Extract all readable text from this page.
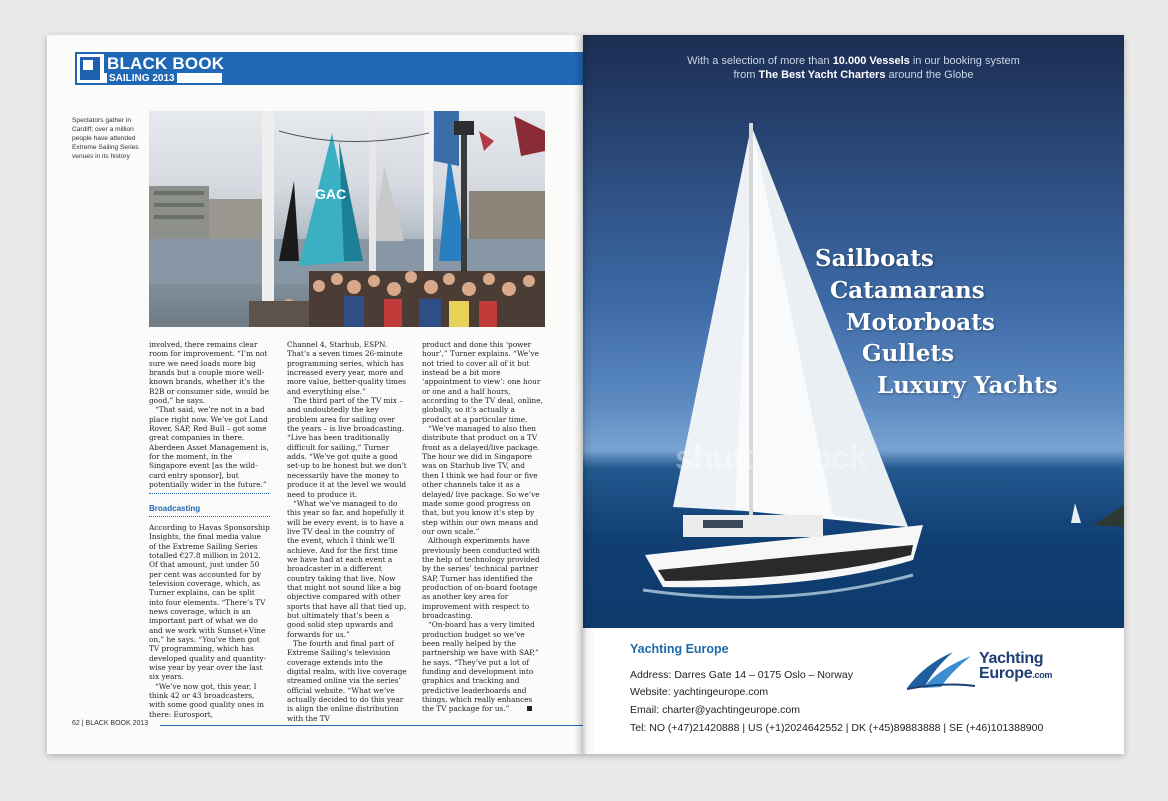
BLACK BOOK
SAILING 2013
Spectators gather in Cardiff; over a million people have attended Extreme Sailing Series venues in its history
GAC

involved, there remains clear room for improvement. “I’m not sure we need loads more big brands but a couple more well-known brands, whether it’s the B2B or consumer side, would be good,” he says.

“That said, we’re not in a bad place right now. We’ve got Land Rover, SAP, Red Bull – got some great companies in there. Aberdeen Asset Management is, for the moment, in the Singapore event [as the wild-card entry sponsor], but potentially wider in the future.”

Broadcasting

According to Havas Sponsorship Insights, the final media value of the Extreme Sailing Series totalled €27.8 million in 2012. Of that amount, just under 50 per cent was accounted for by television coverage, which, as Turner explains, can be split into four elements. “There’s TV news coverage, which is an important part of what we do and we work with Sunset+Vine on,” he says. “You’ve then got TV programming, which has developed quality and quantity-wise year by year over the last six years.

“We’ve now got, this year, I think 42 or 43 broadcasters, with some good quality ones in there: Eurosport,

Channel 4, Starhub, ESPN. That’s a seven times 26-minute programming series, which has increased every year, more and more value, better-quality times and everything else.”

The third part of the TV mix – and undoubtedly the key problem area for sailing over the years – is live broadcasting. “Live has been traditionally difficult for sailing,” Turner adds. “We’ve got quite a good set-up to be honest but we don’t necessarily have the money to produce it at the level we would need to produce it.

“What we’ve managed to do this year so far, and hopefully it will be every event, is to have a live TV deal in the country of the event, which I think we’ll achieve. And for the first time we have had at each event a broadcaster in a different country taking that live. Now that might not sound like a big objective compared with other sports that have all that tied up, but ultimately that’s been a good solid step upwards and forwards for us.”

The fourth and final part of Extreme Sailing’s television coverage extends into the digital realm, with live coverage streamed online via the series’ official website. “What we’ve actually decided to do this year is align the online distribution with the TV

product and done this ‘power hour’,” Turner explains. “We’ve not tried to cover all of it but instead be a bit more ‘appointment to view’: one hour or one and a half hours, according to the TV deal, online, globally, so it’s actually a product at a particular time.

“We’ve managed to also then distribute that product on a TV front as a delayed/live package. The hour we did in Singapore was on Starhub live TV, and then I think we had four or five other channels take it as a delayed/ live package. So we’ve made some good progress on that, but you know it’s step by step within our own means and our own scale.”

Although experiments have previously been conducted with the help of technology provided by the series’ technical partner SAP, Turner has identified the production of on-board footage as another key area for improvement with respect to broadcasting.

“On-board has a very limited production budget so we’ve been really helped by the partnership we have with SAP,” he says. “They’ve put a lot of funding and development into graphics and tracking and predictive leaderboards and things, which really enhances the TV package for us.”

62 | BLACK BOOK 2013
With a selection of more than 10.000 Vessels in our booking system
from The Best Yacht Charters around the Globe
Sailboats
Catamarans
Motorboats
Gullets
Luxury Yachts
shutterstock
Yachting Europe
Address: Darres Gate 14 – 0175 Oslo – Norway
Website: yachtingeurope.com
Email: charter@yachtingeurope.com
Tel: NO (+47)21420888 | US (+1)2024642552 | DK (+45)89883888 | SE (+46)101388900
Yachting
Europe.com
